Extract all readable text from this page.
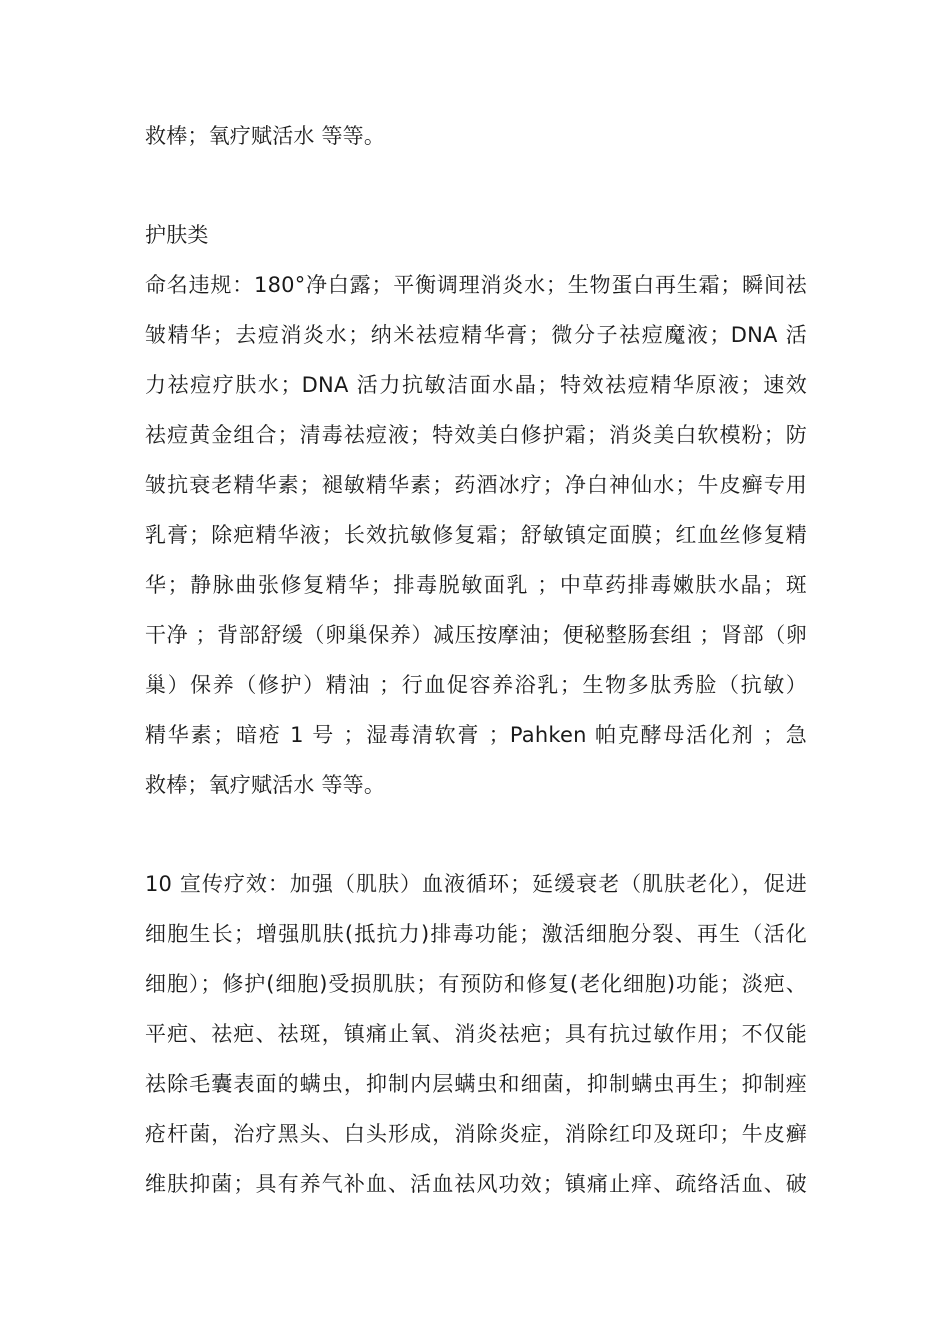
救棒；氧疗赋活水 等等。
护肤类
命名违规：180°净白露；平衡调理消炎水；生物蛋白再生霜；瞬间祛
皱精华；去痘消炎水；纳米祛痘精华膏；微分子祛痘魔液；DNA 活
力祛痘疗肤水；DNA 活力抗敏洁面水晶；特效祛痘精华原液；速效
祛痘黄金组合；清毒祛痘液；特效美白修护霜；消炎美白软模粉；防
皱抗衰老精华素；褪敏精华素；药酒冰疗；净白神仙水；牛皮癣专用
乳膏；除疤精华液；长效抗敏修复霜；舒敏镇定面膜；红血丝修复精
华；静脉曲张修复精华；排毒脱敏面乳 ；中草药排毒嫩肤水晶；斑
干净 ；背部舒缓（卵巢保养）减压按摩油；便秘整肠套组 ；肾部（卵
巢）保养（修护）精油 ；行血促容养浴乳；生物多肽秀脸（抗敏）
精华素；暗疮 1 号 ；湿毒清软膏 ；Pahken 帕克酵母活化剂 ；急
救棒；氧疗赋活水 等等。
10 宣传疗效：加强（肌肤）血液循环；延缓衰老（肌肤老化），促进
细胞生长；增强肌肤(抵抗力)排毒功能；激活细胞分裂、再生（活化
细胞）；修护(细胞)受损肌肤；有预防和修复(老化细胞)功能；淡疤、
平疤、祛疤、祛斑，镇痛止氧、消炎祛疤；具有抗过敏作用；不仅能
祛除毛囊表面的螨虫，抑制内层螨虫和细菌，抑制螨虫再生；抑制痤
疮杆菌，治疗黑头、白头形成，消除炎症，消除红印及斑印；牛皮癣
维肤抑菌；具有养气补血、活血祛风功效；镇痛止痒、疏络活血、破
